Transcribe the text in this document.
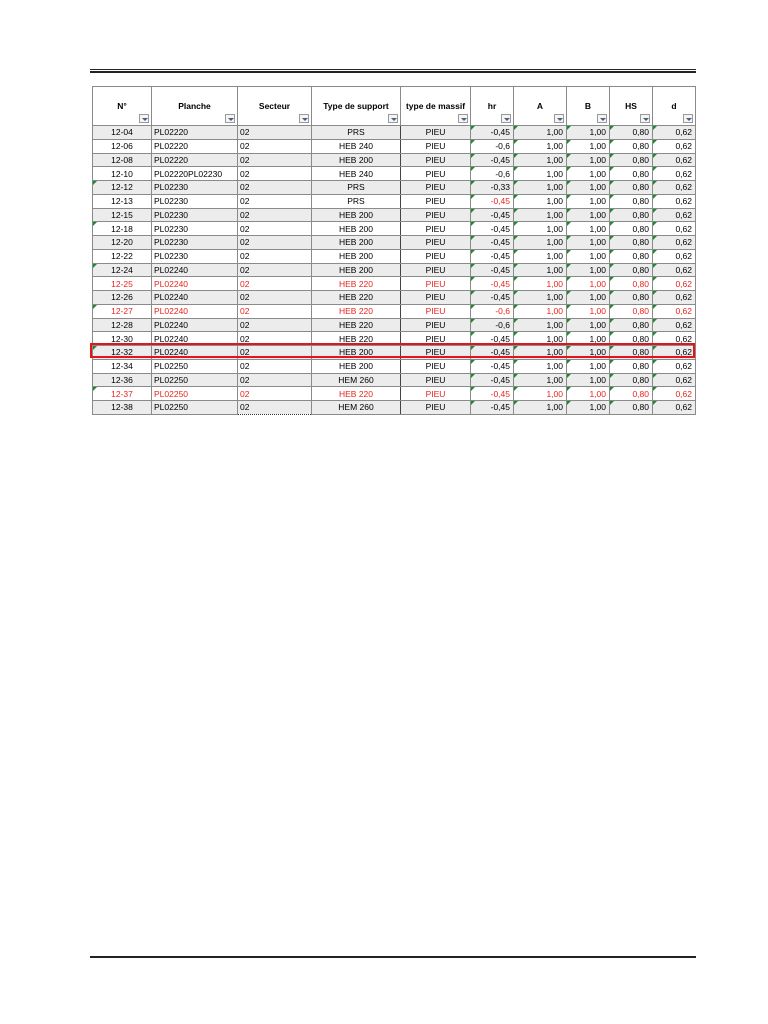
N°	Planche	Secteur	Type de support	type de massif	hr	A	B	HS	d

12-04	PL02220	02	PRS	PIEU	-0,45	1,00	1,00	0,80	0,62
12-06	PL02220	02	HEB 240	PIEU	-0,6	1,00	1,00	0,80	0,62
12-08	PL02220	02	HEB 200	PIEU	-0,45	1,00	1,00	0,80	0,62
12-10	PL02220PL02230	02	HEB 240	PIEU	-0,6	1,00	1,00	0,80	0,62
12-12	PL02230	02	PRS	PIEU	-0,33	1,00	1,00	0,80	0,62
12-13	PL02230	02	PRS	PIEU	-0,45	1,00	1,00	0,80	0,62
12-15	PL02230	02	HEB 200	PIEU	-0,45	1,00	1,00	0,80	0,62
12-18	PL02230	02	HEB 200	PIEU	-0,45	1,00	1,00	0,80	0,62
12-20	PL02230	02	HEB 200	PIEU	-0,45	1,00	1,00	0,80	0,62
12-22	PL02230	02	HEB 200	PIEU	-0,45	1,00	1,00	0,80	0,62
12-24	PL02240	02	HEB 200	PIEU	-0,45	1,00	1,00	0,80	0,62
12-25	PL02240	02	HEB 220	PIEU	-0,45	1,00	1,00	0,80	0,62
12-26	PL02240	02	HEB 220	PIEU	-0,45	1,00	1,00	0,80	0,62
12-27	PL02240	02	HEB 220	PIEU	-0,6	1,00	1,00	0,80	0,62
12-28	PL02240	02	HEB 220	PIEU	-0,6	1,00	1,00	0,80	0,62
12-30	PL02240	02	HEB 220	PIEU	-0,45	1,00	1,00	0,80	0,62
12-32	PL02240	02	HEB 200	PIEU	-0,45	1,00	1,00	0,80	0,62
12-34	PL02250	02	HEB 200	PIEU	-0,45	1,00	1,00	0,80	0,62
12-36	PL02250	02	HEM 260	PIEU	-0,45	1,00	1,00	0,80	0,62
12-37	PL02250	02	HEB 220	PIEU	-0,45	1,00	1,00	0,80	0,62
12-38	PL02250	02	HEM 260	PIEU	-0,45	1,00	1,00	0,80	0,62
